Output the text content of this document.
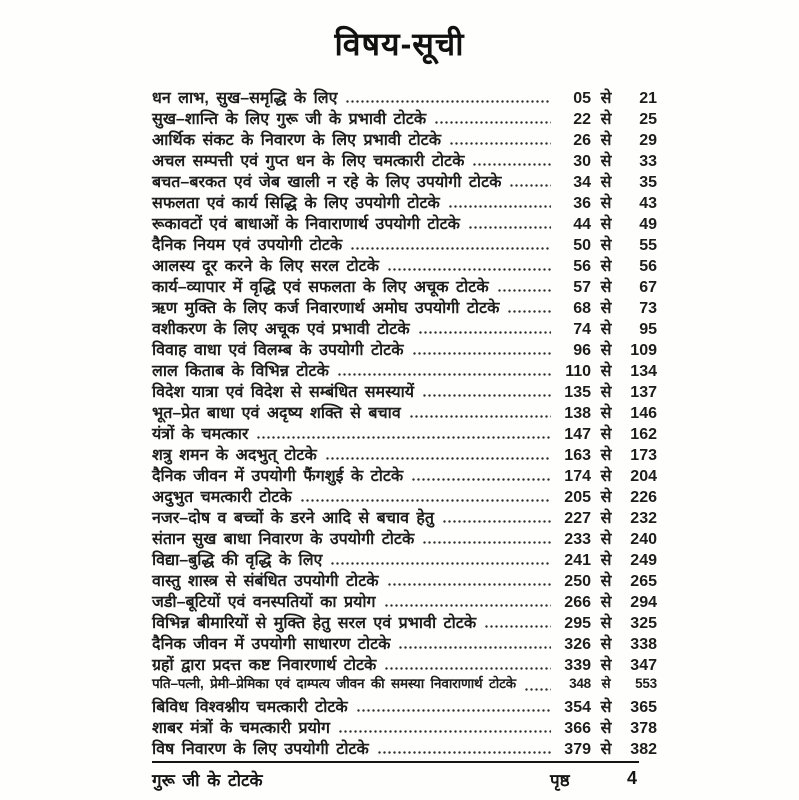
विषय-सूची
धन लाभ, सुख–समृद्धि के लिए	05 से	21
सुख–शान्ति के लिए गुरू जी के प्रभावी टोटके	22 से	25
आर्थिक संकट के निवारण के लिए प्रभावी टोटके	26 से	29
अचल सम्पत्ती एवं गुप्त धन के लिए चमत्कारी टोटके	30 से	33
बचत–बरकत एवं जेब खाली न रहे के लिए उपयोगी टोटके	34 से	35
सफलता एवं कार्य सिद्धि के लिए उपयोगी टोटके	36 से	43
रूकावटों एवं बाधाओं के निवाराणार्थ उपयोगी टोटके	44 से	49
दैनिक नियम एवं उपयोगी टोटके	50 से	55
आलस्य दूर करने के लिए सरल टोटके	56 से	56
कार्य–व्यापार में वृद्धि एवं सफलता के लिए अचूक टोटके	57 से	67
ऋण मुक्ति के लिए कर्ज निवारणार्थ अमोघ उपयोगी टोटके	68 से	73
वशीकरण के लिए अचूक एवं प्रभावी टोटके	74 से	95
विवाह वाधा एवं विलम्ब के उपयोगी टोटके	96 से	109
लाल किताब के विभिन्न टोटके	110 से	134
विदेश यात्रा एवं विदेश से सम्बंधित समस्यायें	135 से	137
भूत–प्रेत बाधा एवं अदृष्य शक्ति से बचाव	138 से	146
यंत्रों के चमत्कार	147 से	162
शत्रु शमन के अदभुत् टोटके	163 से	173
दैनिक जीवन में उपयोगी फैंगशुई के टोटके	174 से	204
अदुभुत चमत्कारी टोटके	205 से	226
नजर–दोष व बच्चों के डरने आदि से बचाव हेतु	227 से	232
संतान सुख बाधा निवारण के उपयोगी टोटके	233 से	240
विद्या–बुद्धि की वृद्धि के लिए	241 से	249
वास्तु शास्त्र से संबंधित उपयोगी टोटके	250 से	265
जडी–बूटियों एवं वनस्पतियों का प्रयोग	266 से	294
विभिन्न बीमारियों से मुक्ति हेतु सरल एवं प्रभावी टोटके	295 से	325
दैनिक जीवन में उपयोगी साधारण टोटके	326 से	338
ग्रहों द्वारा प्रदत्त कष्ट निवारणार्थ टोटके	339 से	347
पति–पत्नी, प्रेमी–प्रेमिका एवं दाम्पत्य जीवन की समस्या निवाराणार्थ टोटके	348 से	553
बिविध विश्वश्नीय चमत्कारी टोटके	354 से	365
शाबर मंत्रों के चमत्कारी प्रयोग	366 से	378
विष निवारण के लिए उपयोगी टोटके	379 से	382
गुरू जी के टोटके	पृष्ठ	4
